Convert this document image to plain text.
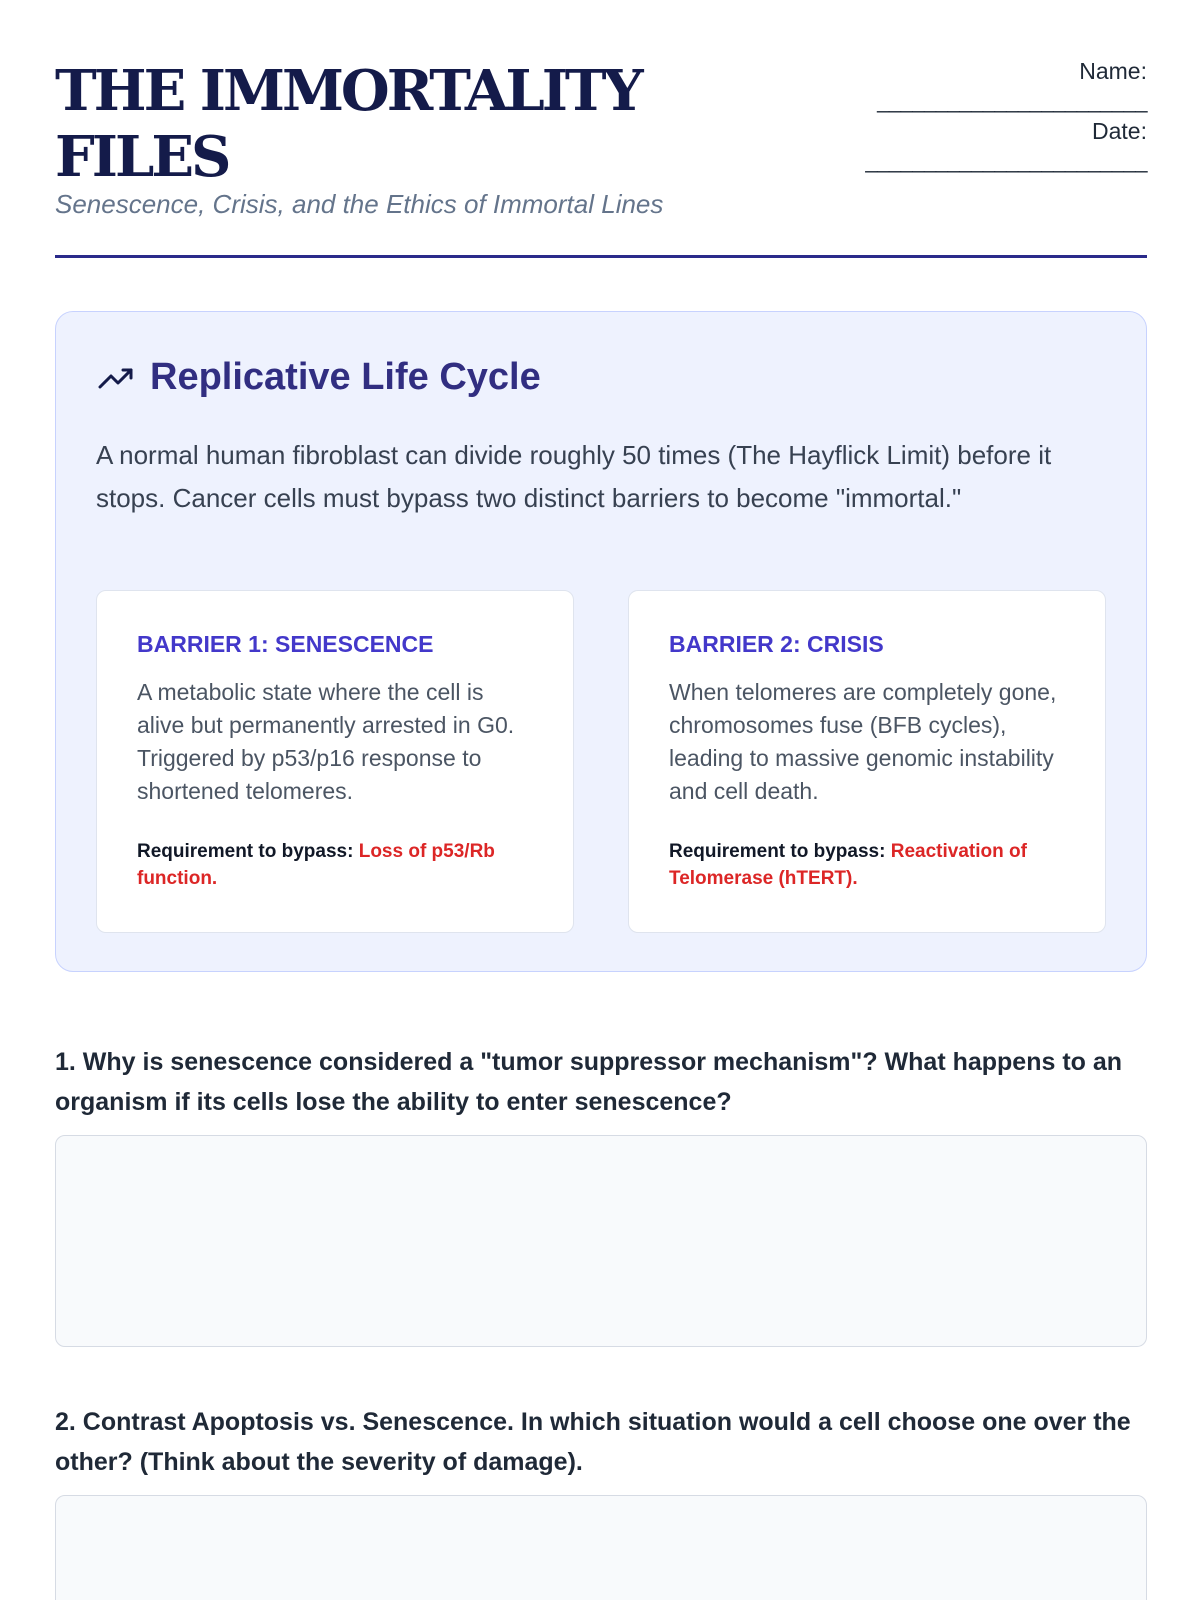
THE IMMORTALITY FILES
Senescence, Crisis, and the Ethics of Immortal Lines
Name:
_______________________
Date:
________________________
Replicative Life Cycle

A normal human fibroblast can divide roughly 50 times (The Hayflick Limit) before it stops. Cancer cells must bypass two distinct barriers to become "immortal."

BARRIER 1: SENESCENCE
A metabolic state where the cell is alive but permanently arrested in G0. Triggered by p53/p16 response to shortened telomeres.
Requirement to bypass: Loss of p53/Rb function.
BARRIER 2: CRISIS
When telomeres are completely gone, chromosomes fuse (BFB cycles), leading to massive genomic instability and cell death.
Requirement to bypass: Reactivation of Telomerase (hTERT).
1. Why is senescence considered a "tumor suppressor mechanism"? What happens to an organism if its cells lose the ability to enter senescence?
2. Contrast Apoptosis vs. Senescence. In which situation would a cell choose one over the other? (Think about the severity of damage).
